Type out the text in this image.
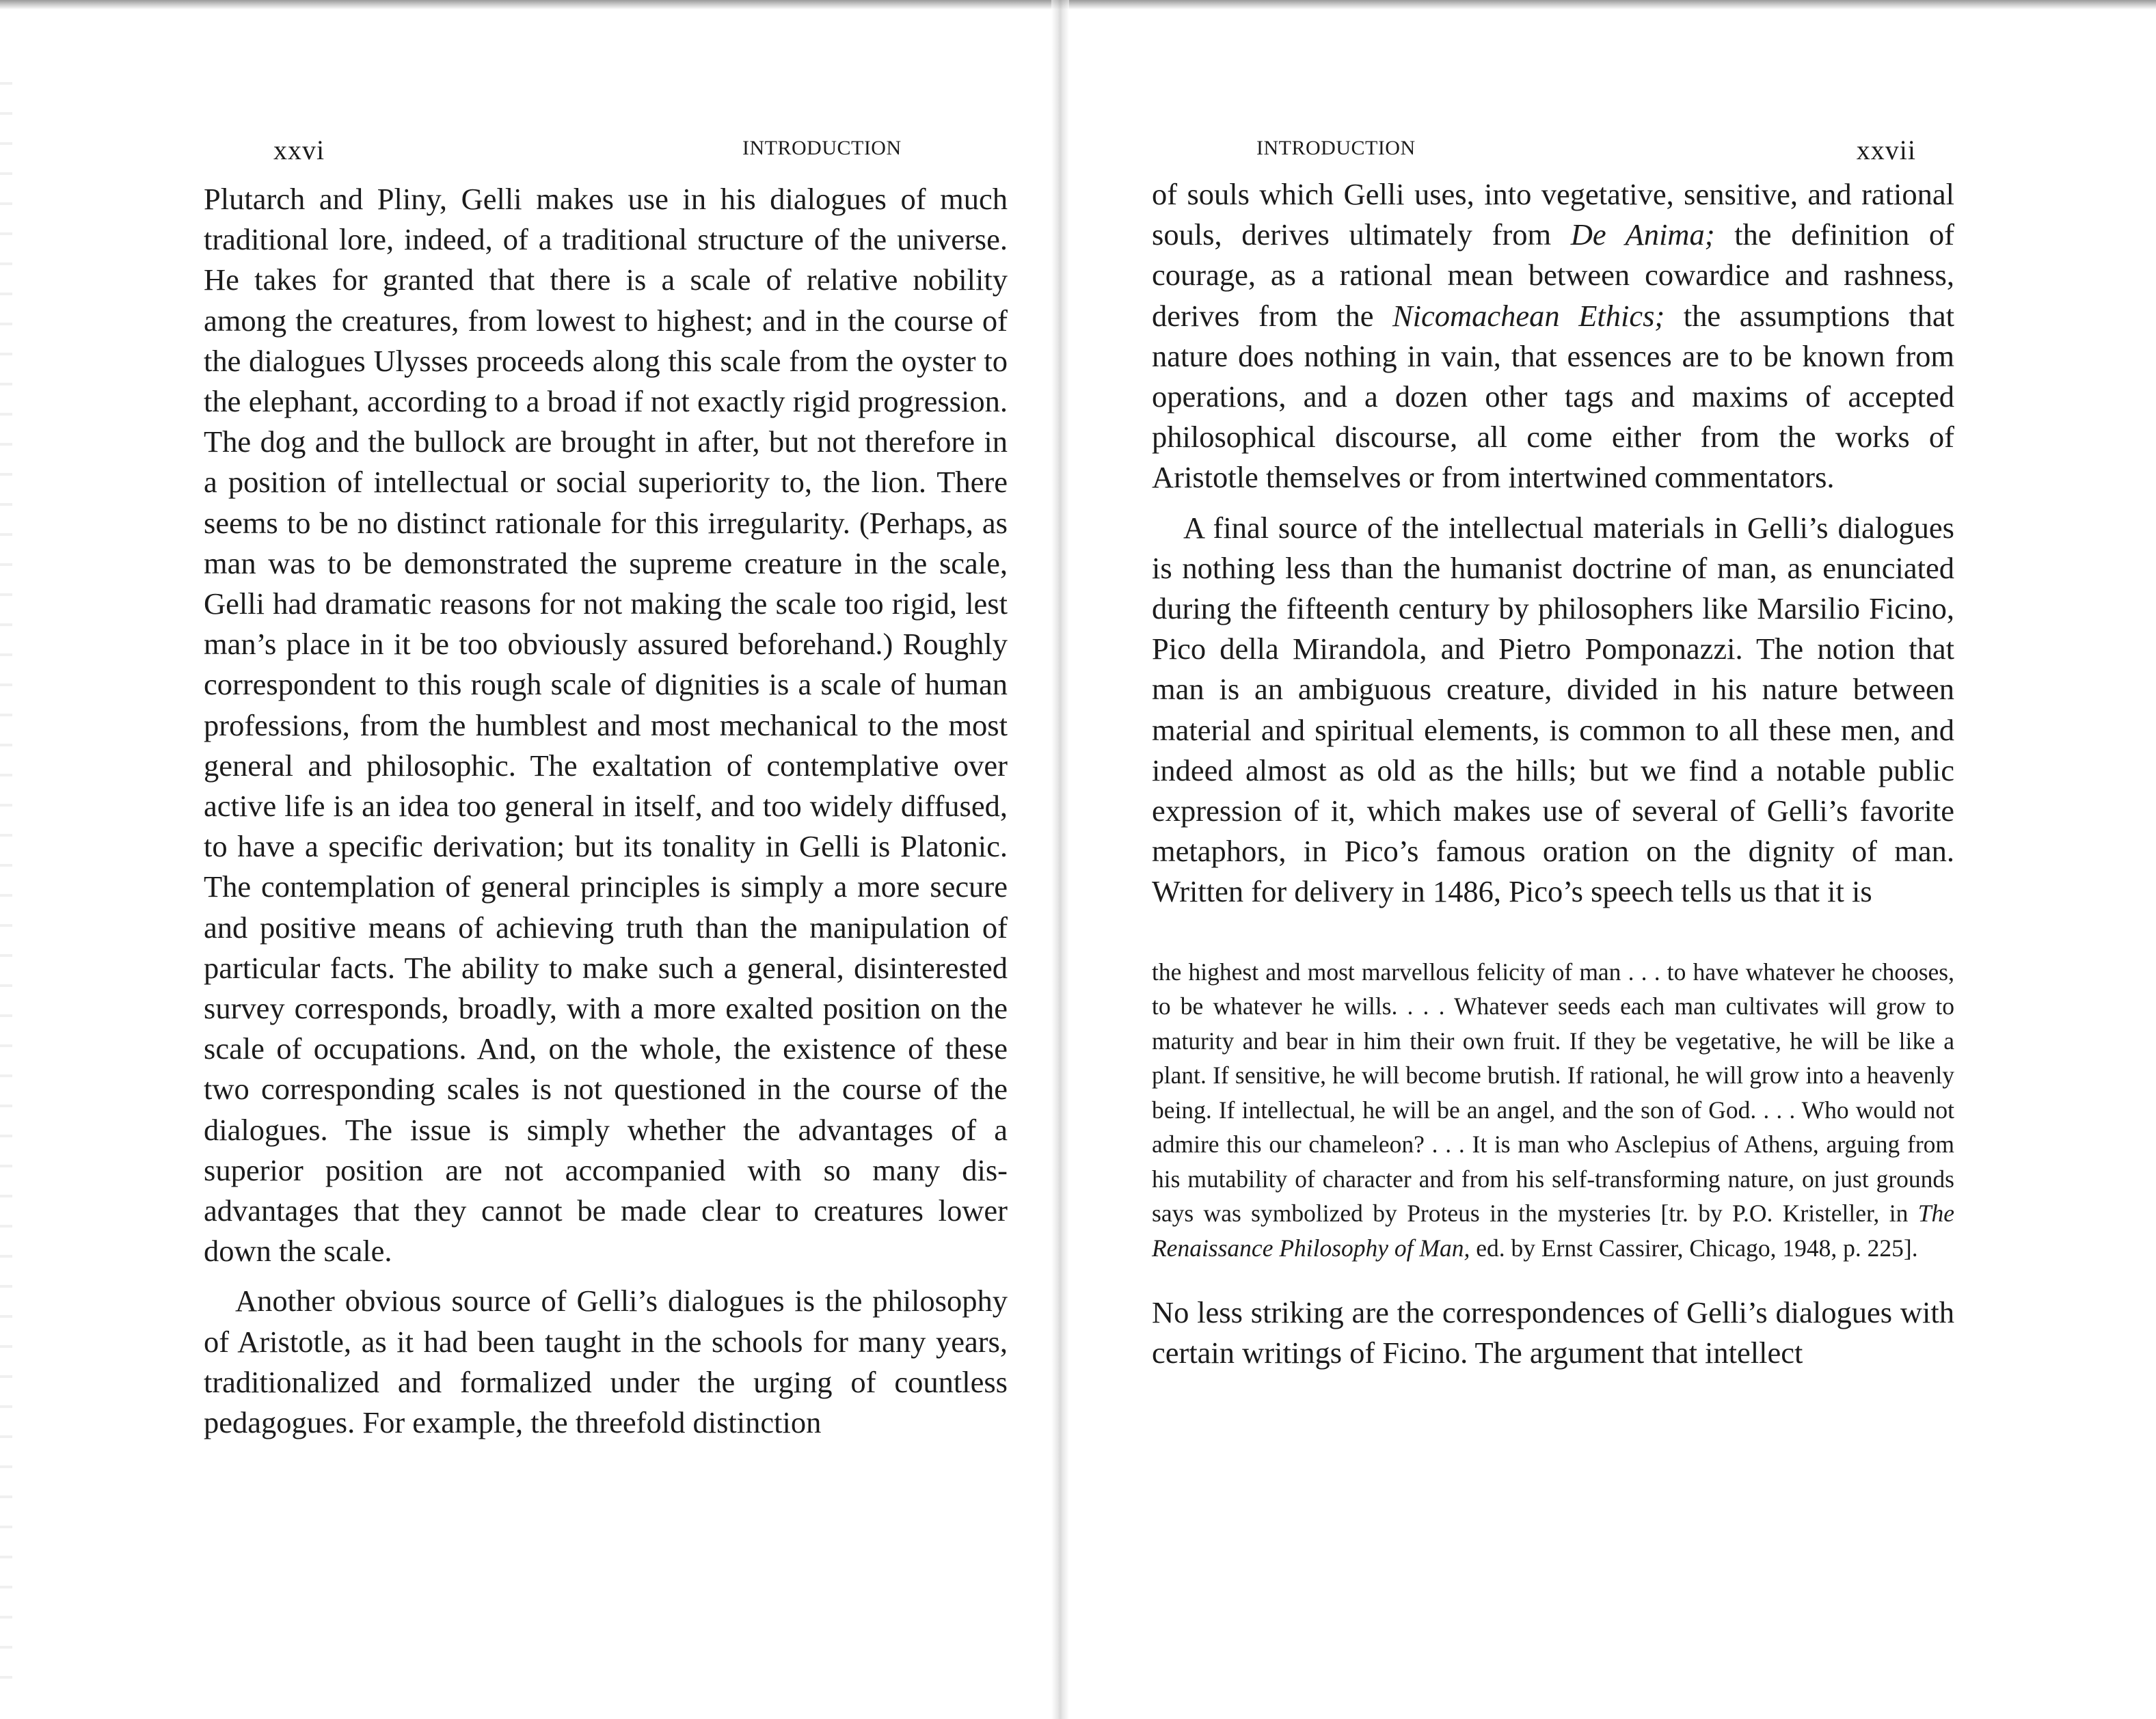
xxvi	INTRODUCTION

Plutarch and Pliny, Gelli makes use in his dialogues of much traditional lore, indeed, of a traditional structure of the universe. He takes for granted that there is a scale of relative nobility among the creatures, from lowest to highest; and in the course of the dialogues Ulysses proceeds along this scale from the oyster to the elephant, according to a broad if not exactly rigid progression. The dog and the bullock are brought in after, but not therefore in a position of intellectual or social superiority to, the lion. There seems to be no distinct rationale for this irregularity. (Perhaps, as man was to be demonstrated the supreme creature in the scale, Gelli had dramatic reasons for not making the scale too rigid, lest man’s place in it be too obviously assured beforehand.) Roughly correspondent to this rough scale of dignities is a scale of human professions, from the humblest and most mechanical to the most general and philosophic. The exaltation of contemplative over active life is an idea too general in itself, and too widely diffused, to have a specific derivation; but its tonality in Gelli is Platonic. The contemplation of general principles is simply a more secure and positive means of achieving truth than the manipulation of particular facts. The ability to make such a general, disinterested survey corresponds, broadly, with a more exalted position on the scale of occupations. And, on the whole, the existence of these two corresponding scales is not questioned in the course of the dialogues. The issue is simply whether the advantages of a superior position are not accompanied with so many disadvantages that they cannot be made clear to creatures lower down the scale.

Another obvious source of Gelli’s dialogues is the philosophy of Aristotle, as it had been taught in the schools for many years, traditionalized and formalized under the urging of countless pedagogues. For example, the threefold distinction

INTRODUCTION	xxvii

of souls which Gelli uses, into vegetative, sensitive, and rational souls, derives ultimately from De Anima; the definition of courage, as a rational mean between cowardice and rashness, derives from the Nicomachean Ethics; the assumptions that nature does nothing in vain, that essences are to be known from operations, and a dozen other tags and maxims of accepted philosophical discourse, all come either from the works of Aristotle themselves or from intertwined commentators.

A final source of the intellectual materials in Gelli’s dialogues is nothing less than the humanist doctrine of man, as enunciated during the fifteenth century by philosophers like Marsilio Ficino, Pico della Mirandola, and Pietro Pomponazzi. The notion that man is an ambiguous creature, divided in his nature between material and spiritual elements, is common to all these men, and indeed almost as old as the hills; but we find a notable public expression of it, which makes use of several of Gelli’s favorite metaphors, in Pico’s famous oration on the dignity of man. Written for delivery in 1486, Pico’s speech tells us that it is

the highest and most marvellous felicity of man . . . to have whatever he chooses, to be whatever he wills. . . . Whatever seeds each man cultivates will grow to maturity and bear in him their own fruit. If they be vegetative, he will be like a plant. If sensitive, he will become brutish. If rational, he will grow into a heavenly being. If intellectual, he will be an angel, and the son of God. . . . Who would not admire this our chameleon? . . . It is man who Asclepius of Athens, arguing from his mutability of character and from his self-transforming nature, on just grounds says was symbolized by Proteus in the mysteries [tr. by P.O. Kristeller, in The Renaissance Philosophy of Man, ed. by Ernst Cassirer, Chicago, 1948, p. 225].

No less striking are the correspondences of Gelli’s dialogues with certain writings of Ficino. The argument that intellect
